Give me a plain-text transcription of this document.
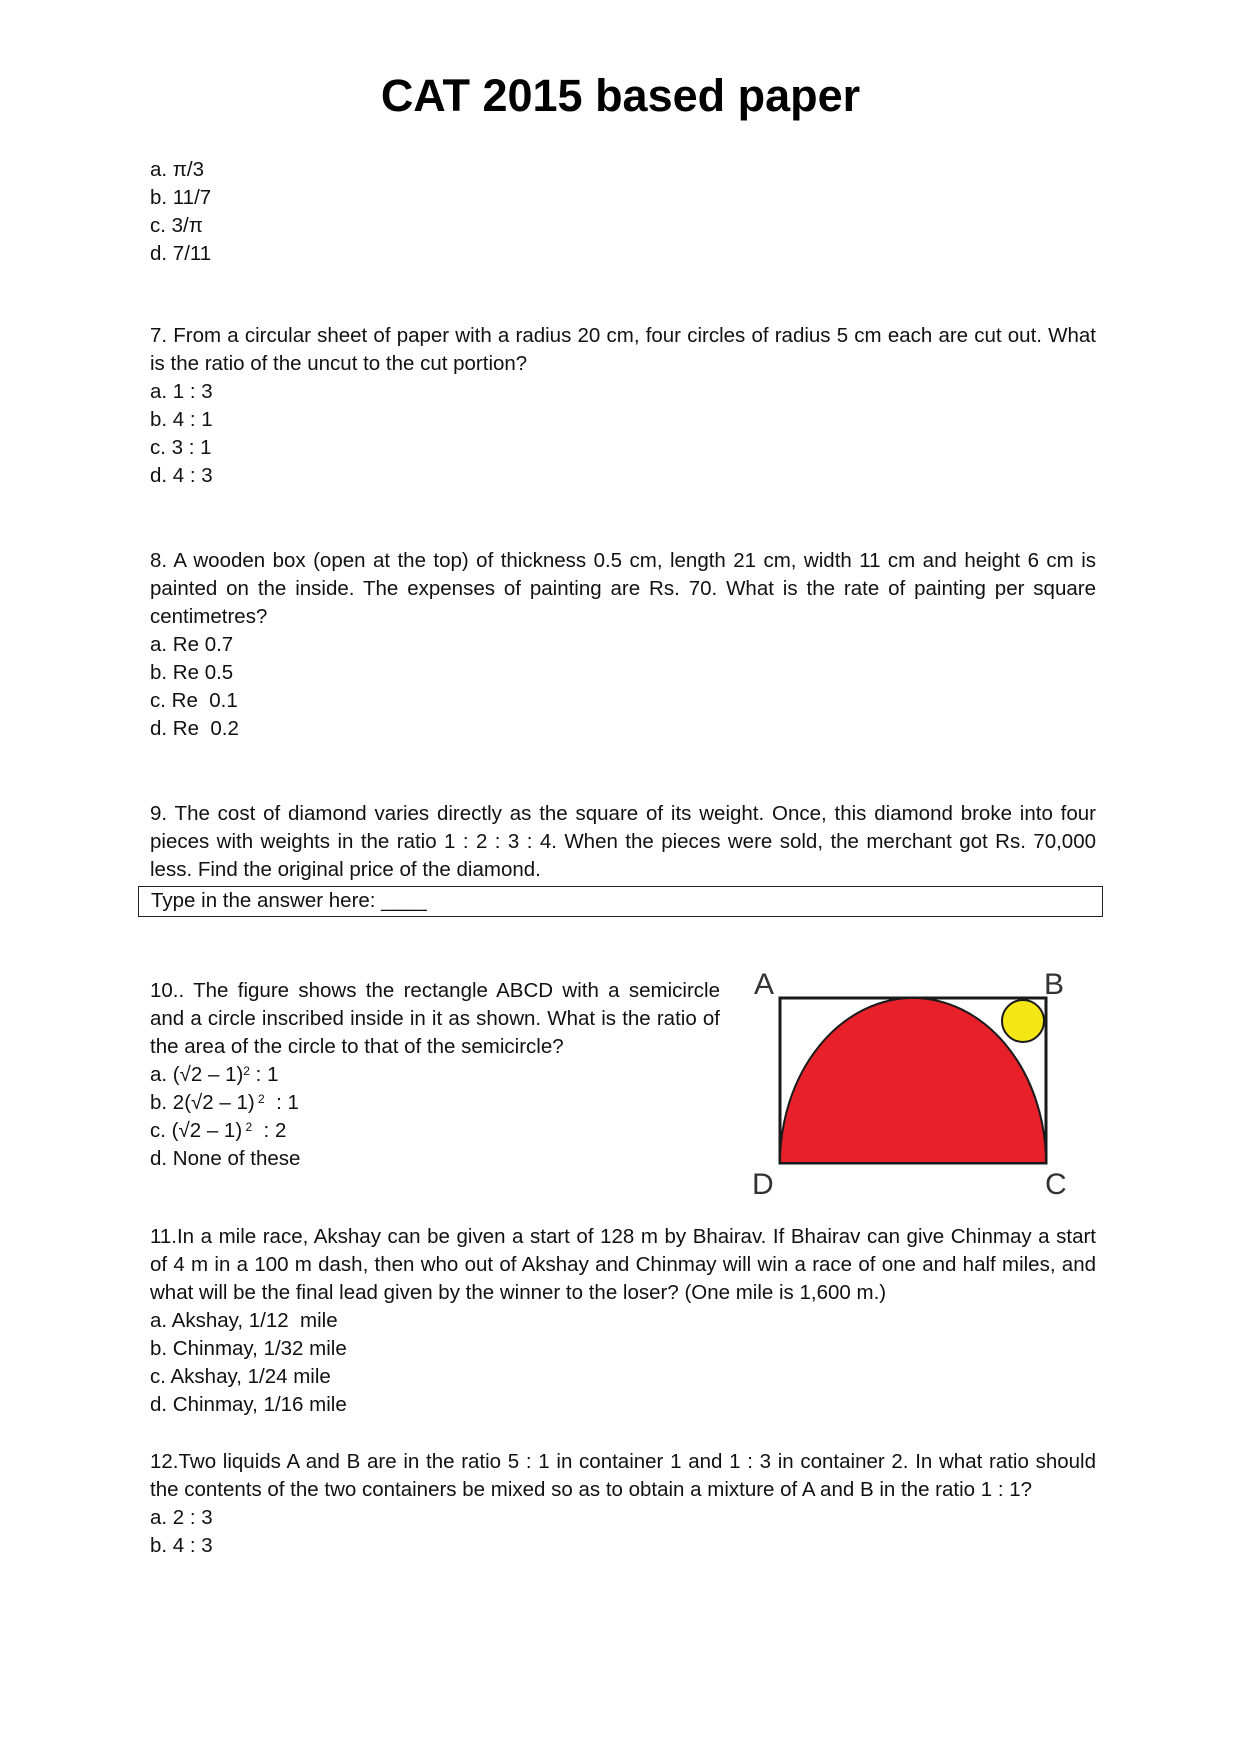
CAT 2015 based paper
a. π/3
b. 11/7
c. 3/π
d. 7/11
7. From a circular sheet of paper with a radius 20 cm, four circles of radius 5 cm each are cut out. What is the ratio of the uncut to the cut portion?
a. 1 : 3
b. 4 : 1
c. 3 : 1
d. 4 : 3
8. A wooden box (open at the top) of thickness 0.5 cm, length 21 cm, width 11 cm and height 6 cm is painted on the inside. The expenses of painting are Rs. 70. What is the rate of painting per square centimetres?
a. Re 0.7
b. Re 0.5
c. Re  0.1
d. Re  0.2
9. The cost of diamond varies directly as the square of its weight. Once, this diamond broke into four pieces with weights in the ratio 1 : 2 : 3 : 4. When the pieces were sold, the merchant got Rs. 70,000 less. Find the original price of the diamond.
Type in the answer here: ____
10.. The figure shows the rectangle ABCD with a semicircle and a circle inscribed inside in it as shown. What is the ratio of the area of the circle to that of the semicircle?
a. (√2 – 1)$^2$ : 1
b. 2(√2 – 1) $^2$  : 1
c. (√2 – 1) $^2$  : 2
d. None of these
A	B
D	C
11.In a mile race, Akshay can be given a start of 128 m by Bhairav. If Bhairav can give Chinmay a start of 4 m in a 100 m dash, then who out of Akshay and Chinmay will win a race of one and half miles, and what will be the final lead given by the winner to the loser? (One mile is 1,600 m.)
a. Akshay, 1/12  mile
b. Chinmay, 1/32 mile
c. Akshay, 1/24 mile
d. Chinmay, 1/16 mile
12.Two liquids A and B are in the ratio 5 : 1 in container 1 and 1 : 3 in container 2. In what ratio should the contents of the two containers be mixed so as to obtain a mixture of A and B in the ratio 1 : 1?
a. 2 : 3
b. 4 : 3
